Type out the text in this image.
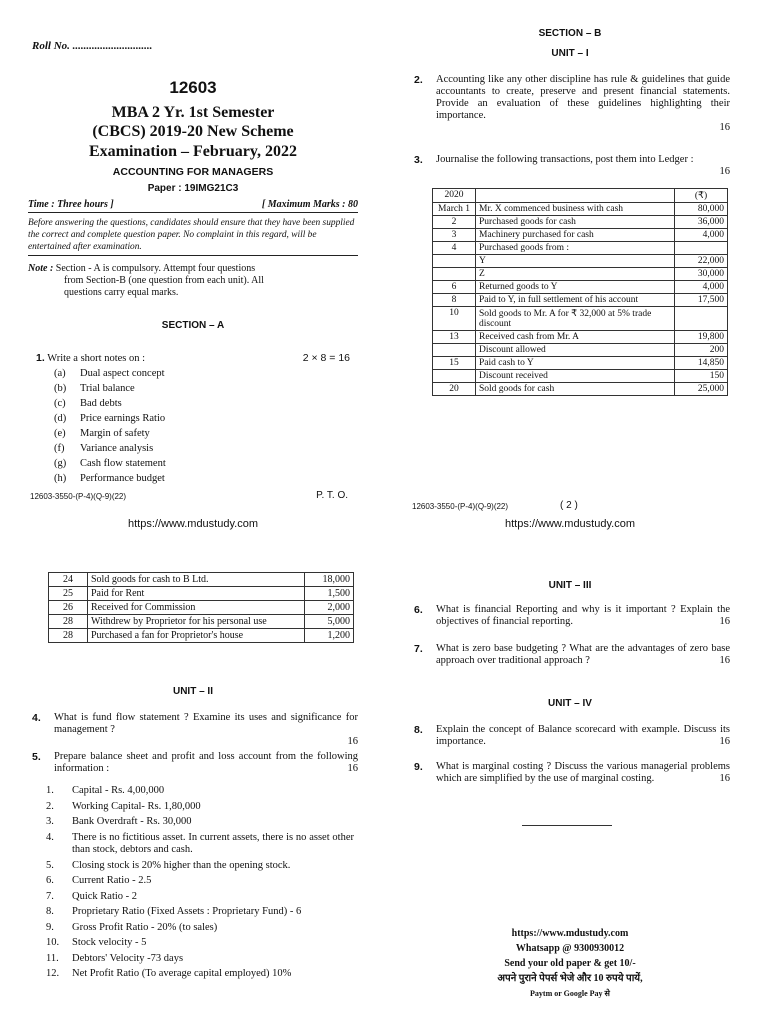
Roll No. .............................
12603
MBA 2 Yr. 1st Semester
(CBCS) 2019-20 New Scheme
Examination – February, 2022
ACCOUNTING FOR MANAGERS
Paper : 19IMG21C3
Time : Three hours ]	[ Maximum Marks : 80
Before answering the questions, candidates should ensure that they have been supplied the correct and complete question paper. No complaint in this regard, will be entertained after examination.
Note : Section - A is compulsory. Attempt four questions
from Section-B (one question from each unit). All
questions carry equal marks.
SECTION – A
1. Write a short notes on :	2 × 8 = 16
(a) Dual aspect concept
(b) Trial balance
(c) Bad debts
(d) Price earnings Ratio
(e) Margin of safety
(f) Variance analysis
(g) Cash flow statement
(h) Performance budget
12603-3550-(P-4)(Q-9)(22)	P. T. O.
https://www.mdustudy.com
SECTION – B
UNIT – I
2.	Accounting like any other discipline has rule & guidelines that guide accountants to create, preserve and present financial statements. Provide an evaluation of these guidelines highlighting their importance.
16
3.	Journalise the following transactions, post them into Ledger :
16
2020		(₹)
March 1	Mr. X commenced business with cash	80,000
2	Purchased goods for cash	36,000
3	Machinery purchased for cash	4,000
4	Purchased goods from :	
	Y	22,000
	Z	30,000
6	Returned goods to Y	4,000
8	Paid to Y, in full settlement of his account	17,500
10	Sold goods to Mr. A for ₹ 32,000 at 5% trade discount	
13	Received cash from Mr. A	19,800
	Discount allowed	200
15	Paid cash to Y	14,850
	Discount received	150
20	Sold goods for cash	25,000
12603-3550-(P-4)(Q-9)(22)	( 2 )
https://www.mdustudy.com
24	Sold goods for cash to B Ltd.	18,000
25	Paid for Rent	1,500
26	Received for Commission	2,000
28	Withdrew by Proprietor for his personal use	5,000
28	Purchased a fan for Proprietor's house	1,200
UNIT – II
4.	What is fund flow statement ? Examine its uses and significance for management ?
16
5.	Prepare balance sheet and profit and loss account from the following information :	16
1. Capital - Rs. 4,00,000
2. Working Capital- Rs. 1,80,000
3. Bank Overdraft - Rs. 30,000
4. There is no fictitious asset. In current assets, there is no asset other than stock, debtors and cash.
5. Closing stock is 20% higher than the opening stock.
6. Current Ratio - 2.5
7. Quick Ratio - 2
8. Proprietary Ratio (Fixed Assets : Proprietary Fund) - 6
9. Gross Profit Ratio - 20% (to sales)
10. Stock velocity - 5
11. Debtors' Velocity -73 days
12. Net Profit Ratio (To average capital employed) 10%
UNIT – III
6.	What is financial Reporting and why is it important ? Explain the objectives of financial reporting.	16
7.	What is zero base budgeting ? What are the advantages of zero base approach over traditional approach ?	16
UNIT – IV
8.	Explain the concept of Balance scorecard with example. Discuss its importance.	16
9.	What is marginal costing ? Discuss the various managerial problems which are simplified by the use of marginal costing.	16
https://www.mdustudy.com
Whatsapp @ 9300930012
Send your old paper & get 10/-
अपने पुराने पेपर्स भेजे और 10 रुपये पायें,
Paytm or Google Pay से
